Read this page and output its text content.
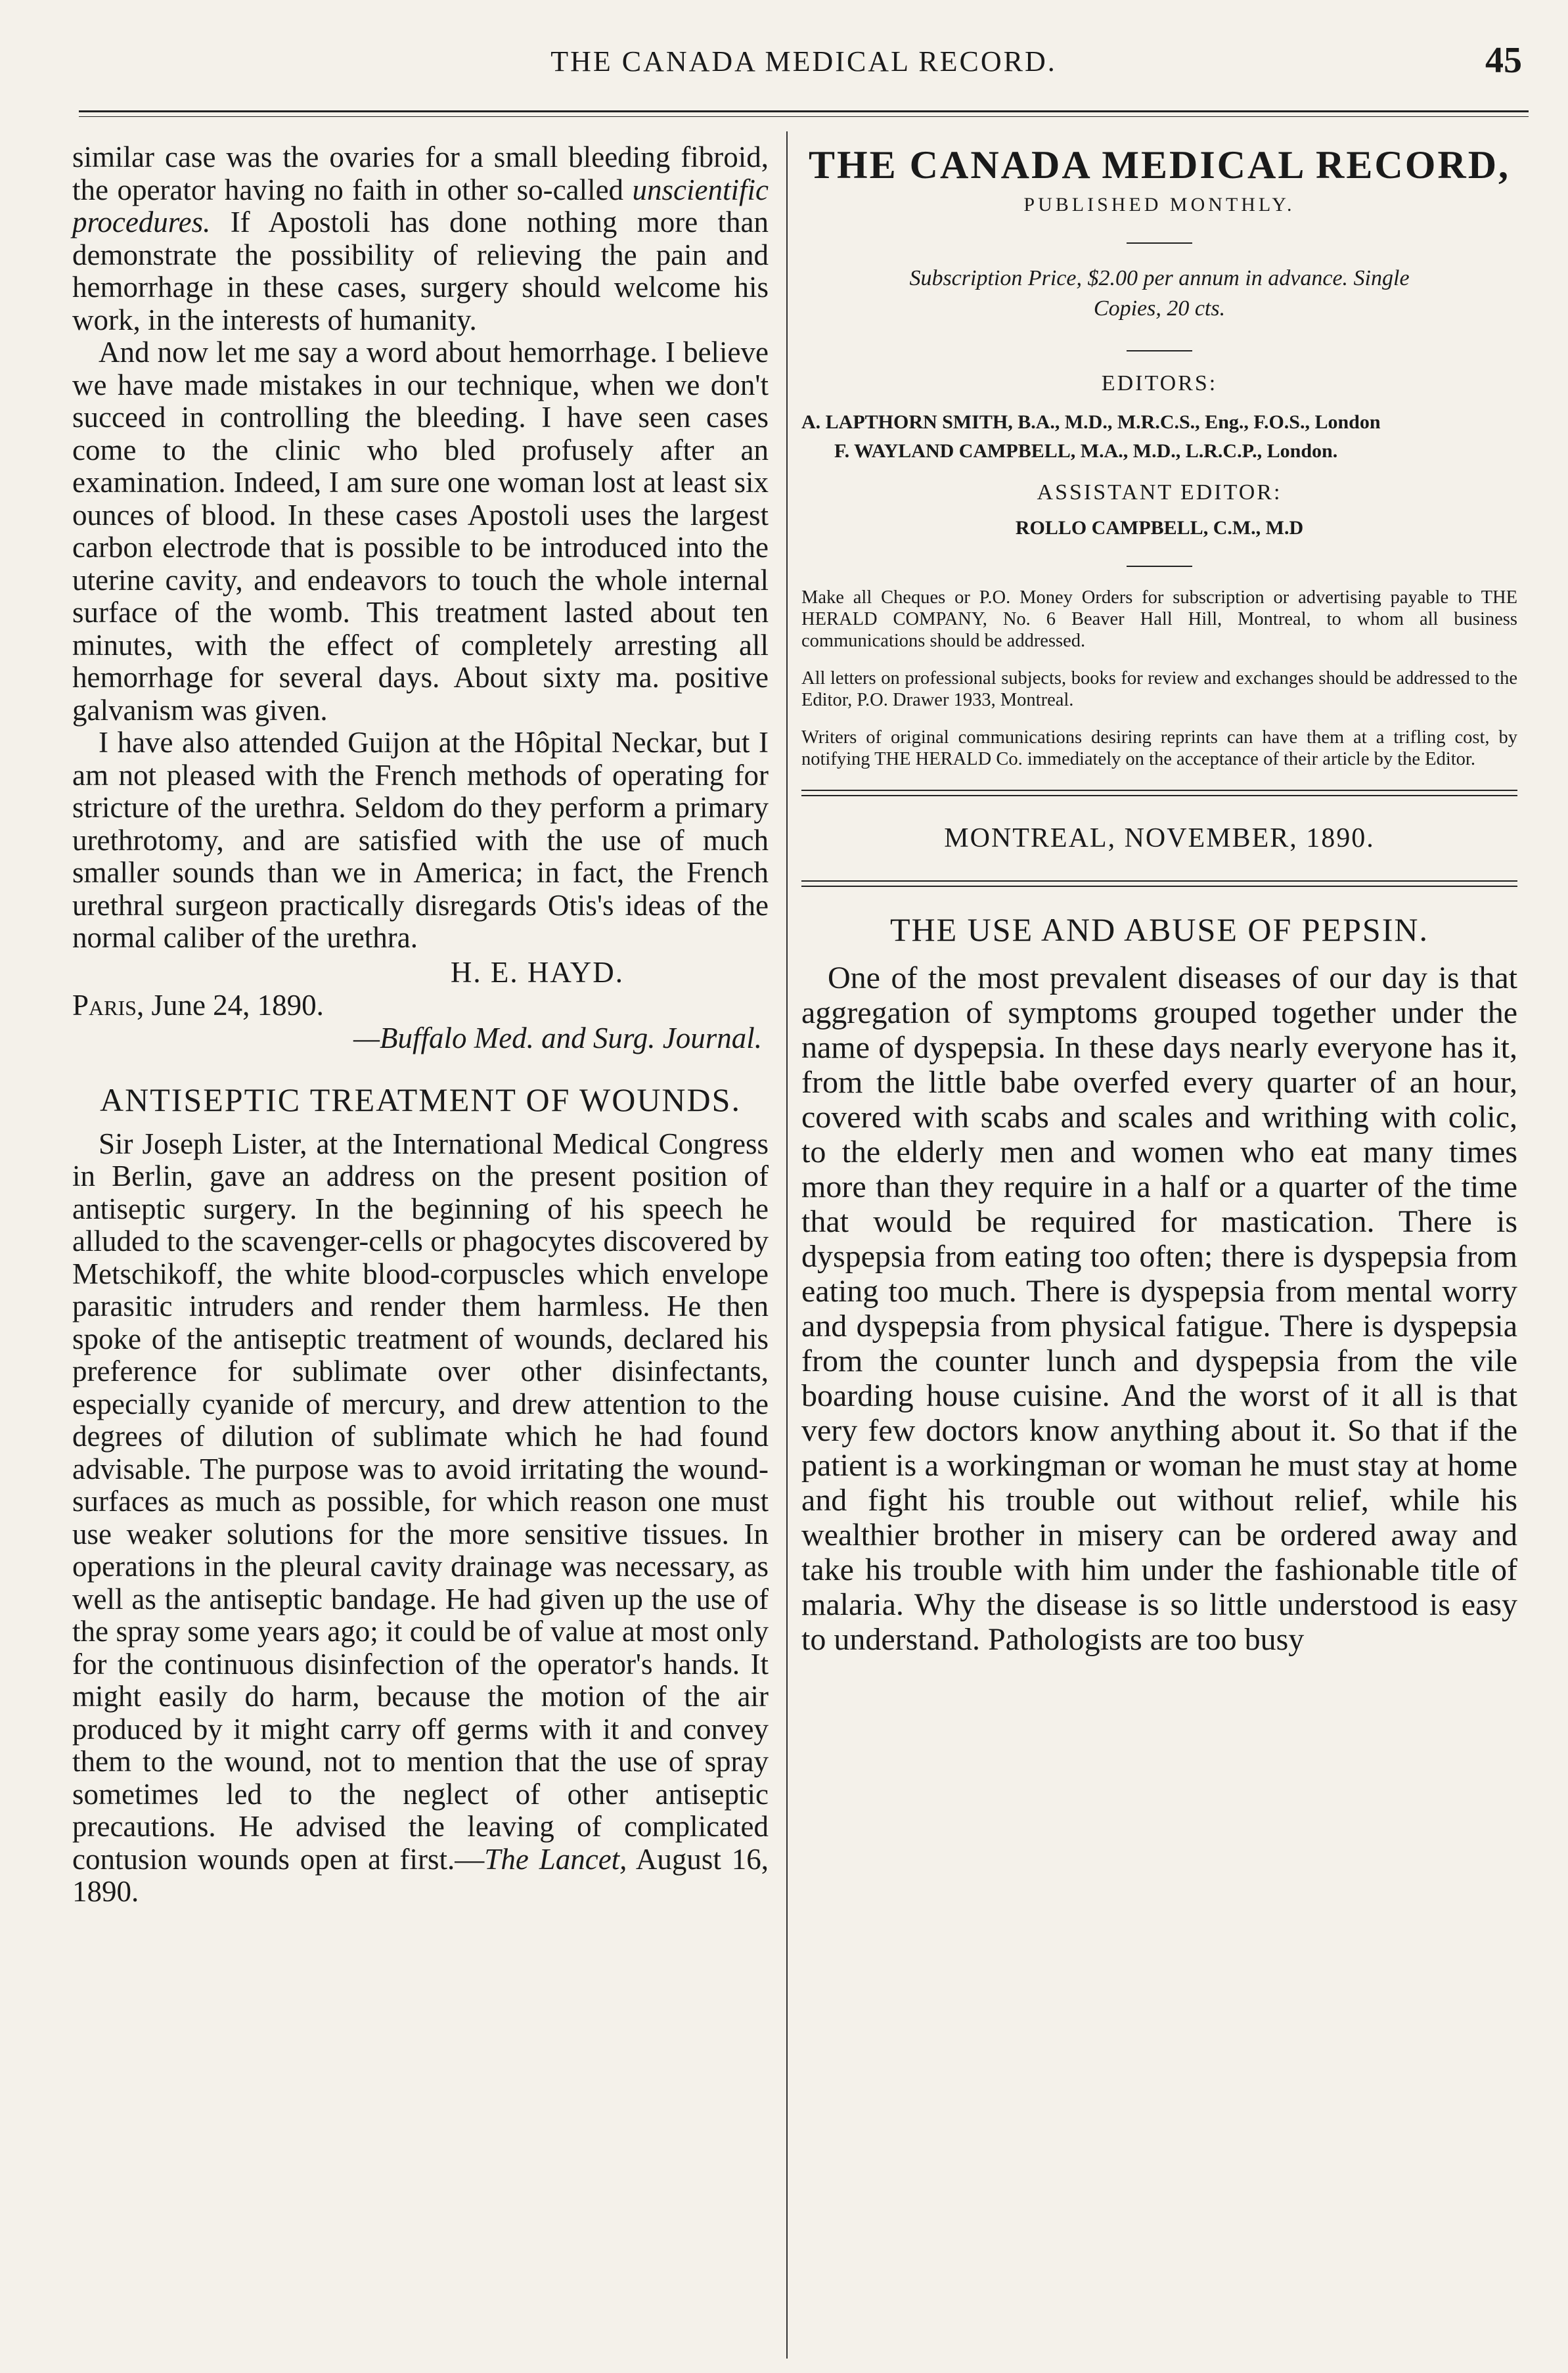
THE CANADA MEDICAL RECORD.	45

similar case was the ovaries for a small bleeding fibroid, the operator having no faith in other so-called unscientific procedures. If Apostoli has done nothing more than demonstrate the possibility of relieving the pain and hemorrhage in these cases, surgery should welcome his work, in the interests of humanity.

And now let me say a word about hemorrhage. I believe we have made mistakes in our technique, when we don't succeed in controlling the bleeding. I have seen cases come to the clinic who bled profusely after an examination. Indeed, I am sure one woman lost at least six ounces of blood. In these cases Apostoli uses the largest carbon electrode that is possible to be introduced into the uterine cavity, and endeavors to touch the whole internal surface of the womb. This treatment lasted about ten minutes, with the effect of completely arresting all hemorrhage for several days. About sixty ma. positive galvanism was given.

I have also attended Guijon at the Hôpital Neckar, but I am not pleased with the French methods of operating for stricture of the urethra. Seldom do they perform a primary urethrotomy, and are satisfied with the use of much smaller sounds than we in America; in fact, the French urethral surgeon practically disregards Otis's ideas of the normal caliber of the urethra.

H. E. HAYD.
Paris, June 24, 1890.
—Buffalo Med. and Surg. Journal.
ANTISEPTIC TREATMENT OF WOUNDS.

Sir Joseph Lister, at the International Medical Congress in Berlin, gave an address on the present position of antiseptic surgery. In the beginning of his speech he alluded to the scavenger-cells or phagocytes discovered by Metschikoff, the white blood-corpuscles which envelope parasitic intruders and render them harmless. He then spoke of the antiseptic treatment of wounds, declared his preference for sublimate over other disinfectants, especially cyanide of mercury, and drew attention to the degrees of dilution of sublimate which he had found advisable. The purpose was to avoid irritating the wound-surfaces as much as possible, for which reason one must use weaker solutions for the more sensitive tissues. In operations in the pleural cavity drainage was necessary, as well as the antiseptic bandage. He had given up the use of the spray some years ago; it could be of value at most only for the continuous disinfection of the operator's hands. It might easily do harm, because the motion of the air produced by it might carry off germs with it and convey them to the wound, not to mention that the use of spray sometimes led to the neglect of other antiseptic precautions. He advised the leaving of complicated contusion wounds open at first.—The Lancet, August 16, 1890.

THE CANADA MEDICAL RECORD,
PUBLISHED MONTHLY.
Subscription Price, $2.00 per annum in advance. Single
Copies, 20 cts.
EDITORS:
A. LAPTHORN SMITH, B.A., M.D., M.R.C.S., Eng., F.O.S., London
F. WAYLAND CAMPBELL, M.A., M.D., L.R.C.P., London.
ASSISTANT EDITOR:
ROLLO CAMPBELL, C.M., M.D

Make all Cheques or P.O. Money Orders for subscription or advertising payable to THE HERALD COMPANY, No. 6 Beaver Hall Hill, Montreal, to whom all business communications should be addressed.

All letters on professional subjects, books for review and exchanges should be addressed to the Editor, P.O. Drawer 1933, Montreal.

Writers of original communications desiring reprints can have them at a trifling cost, by notifying THE HERALD Co. immediately on the acceptance of their article by the Editor.

MONTREAL, NOVEMBER, 1890.
THE USE AND ABUSE OF PEPSIN.

One of the most prevalent diseases of our day is that aggregation of symptoms grouped together under the name of dyspepsia. In these days nearly everyone has it, from the little babe overfed every quarter of an hour, covered with scabs and scales and writhing with colic, to the elderly men and women who eat many times more than they require in a half or a quarter of the time that would be required for mastication. There is dyspepsia from eating too often; there is dyspepsia from eating too much. There is dyspepsia from mental worry and dyspepsia from physical fatigue. There is dyspepsia from the counter lunch and dyspepsia from the vile boarding house cuisine. And the worst of it all is that very few doctors know anything about it. So that if the patient is a workingman or woman he must stay at home and fight his trouble out without relief, while his wealthier brother in misery can be ordered away and take his trouble with him under the fashionable title of malaria. Why the disease is so little understood is easy to understand. Pathologists are too busy
